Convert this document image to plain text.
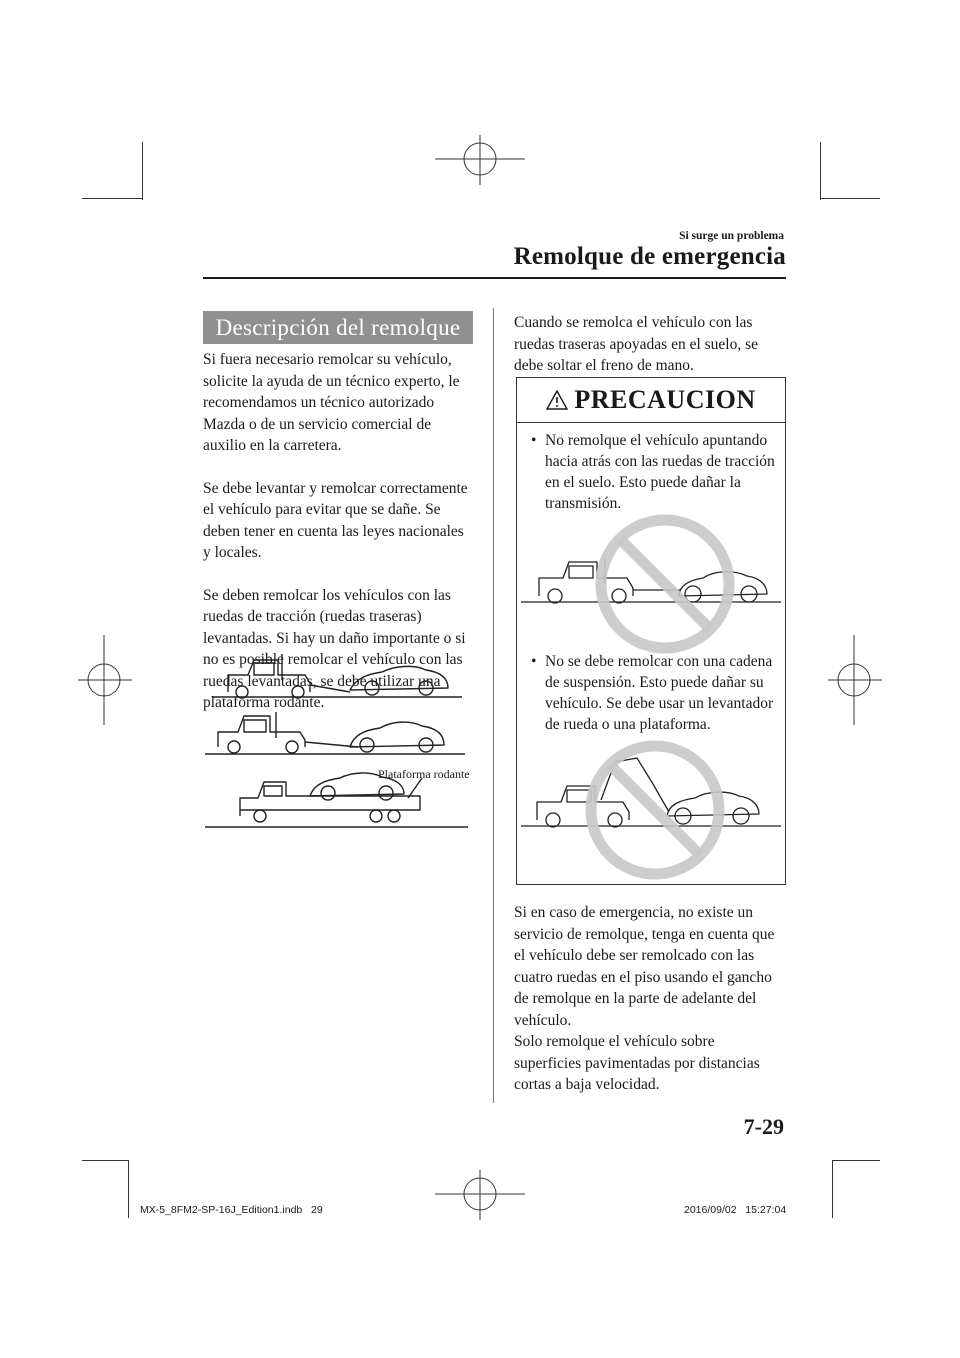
Si surge un problema
Remolque de emergencia
Descripción del remolque

Si fuera necesario remolcar su vehículo, solicite la ayuda de un técnico experto, le recomendamos un técnico autorizado Mazda o de un servicio comercial de auxilio en la carretera.

Se debe levantar y remolcar correctamente el vehículo para evitar que se dañe. Se deben tener en cuenta las leyes nacionales y locales.

Se deben remolcar los vehículos con las ruedas de tracción (ruedas traseras) levantadas. Si hay un daño importante o si no es posible remolcar el vehículo con las ruedas levantadas, se debe utilizar una plataforma rodante.

Plataforma rodante
Cuando se remolca el vehículo con las ruedas traseras apoyadas en el suelo, se debe soltar el freno de mano.
PRECAUCION
• No remolque el vehículo apuntando hacia atrás con las ruedas de tracción en el suelo. Esto puede dañar la transmisión.
• No se debe remolcar con una cadena de suspensión. Esto puede dañar su vehículo. Se debe usar un levantador de rueda o una plataforma.
Si en caso de emergencia, no existe un servicio de remolque, tenga en cuenta que el vehículo debe ser remolcado con las cuatro ruedas en el piso usando el gancho de remolque en la parte de adelante del vehículo.
Solo remolque el vehículo sobre superficies pavimentadas por distancias cortas a baja velocidad.
7-29
MX-5_8FM2-SP-16J_Edition1.indb   29	2016/09/02   15:27:04
